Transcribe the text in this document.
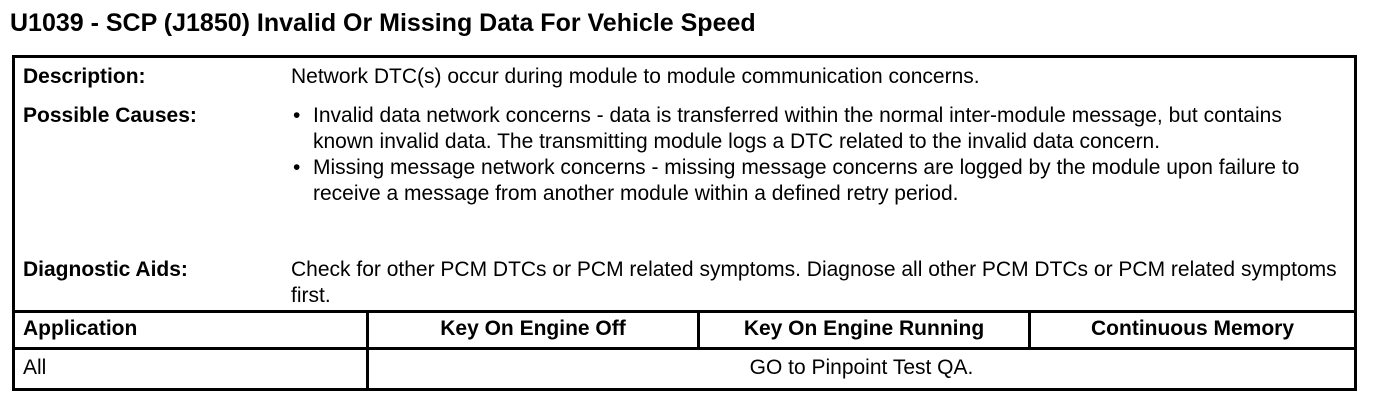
U1039 - SCP (J1850) Invalid Or Missing Data For Vehicle Speed
Description:	Network DTC(s) occur during module to module communication concerns.
Possible Causes:	• Invalid data network concerns - data is transferred within the normal inter-module message, but contains known invalid data. The transmitting module logs a DTC related to the invalid data concern.
• Missing message network concerns - missing message concerns are logged by the module upon failure to receive a message from another module within a defined retry period.
Diagnostic Aids:	Check for other PCM DTCs or PCM related symptoms. Diagnose all other PCM DTCs or PCM related symptoms first.
Application	Key On Engine Off	Key On Engine Running	Continuous Memory
All	GO to Pinpoint Test QA.
